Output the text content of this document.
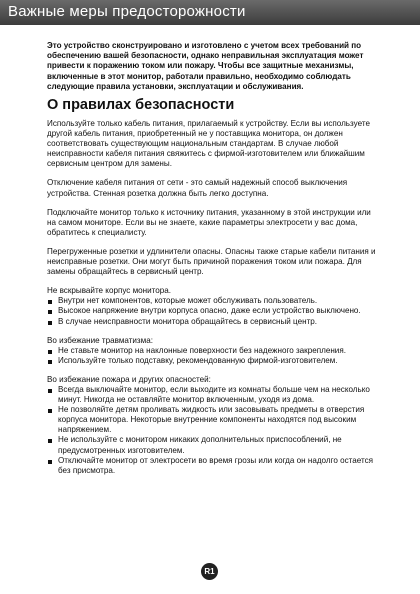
Важные меры предосторожности

Это устройство сконструировано и изготовлено с учетом всех требований по обеспечению вашей безопасности, однако неправильная эксплуатация может привести к поражению током или пожару. Чтобы все защитные механизмы, включенные в этот монитор, работали правильно, необходимо соблюдать следующие правила установки, эксплуатации и обслуживания.

О правилах безопасности

Используйте только кабель питания, прилагаемый к устройству. Если вы используете другой кабель питания, приобретенный не у поставщика монитора, он должен соответствовать существующим национальным стандартам. В случае любой неисправности кабеля питания свяжитесь с фирмой-изготовителем или ближайшим сервисным центром для замены.

Отключение кабеля питания от сети - это самый надежный способ выключения устройства. Стенная розетка должна быть легко доступна.

Подключайте монитор только к источнику питания, указанному в этой инструкции или на самом мониторе. Если вы не знаете, какие параметры электросети у вас дома, обратитесь к специалисту.

Перегруженные розетки и удлинители опасны. Опасны также старые кабели питания и неисправные розетки. Они могут быть причиной поражения током или пожара. Для замены обращайтесь в сервисный центр.

Не вскрывайте корпус монитора.
Внутри нет компонентов, которые может обслуживать пользователь.
Высокое напряжение внутри корпуса опасно, даже если устройство выключено.
В случае неисправности монитора обращайтесь в сервисный центр.
Во избежание травматизма:
Не ставьте монитор на наклонные поверхности без надежного закрепления.
Используйте только подставку, рекомендованную фирмой-изготовителем.
Во избежание пожара и других опасностей:
Всегда выключайте монитор, если выходите из комнаты больше чем на несколько минут. Никогда не оставляйте монитор включенным, уходя из дома.
Не позволяйте детям проливать жидкость или засовывать предметы в отверстия корпуса монитора. Некоторые внутренние компоненты находятся под высоким напряжением.
Не используйте с монитором никаких дополнительных приспособлений, не предусмотренных изготовителем.
Отключайте монитор от электросети во время грозы или когда он надолго остается без присмотра.
R1
